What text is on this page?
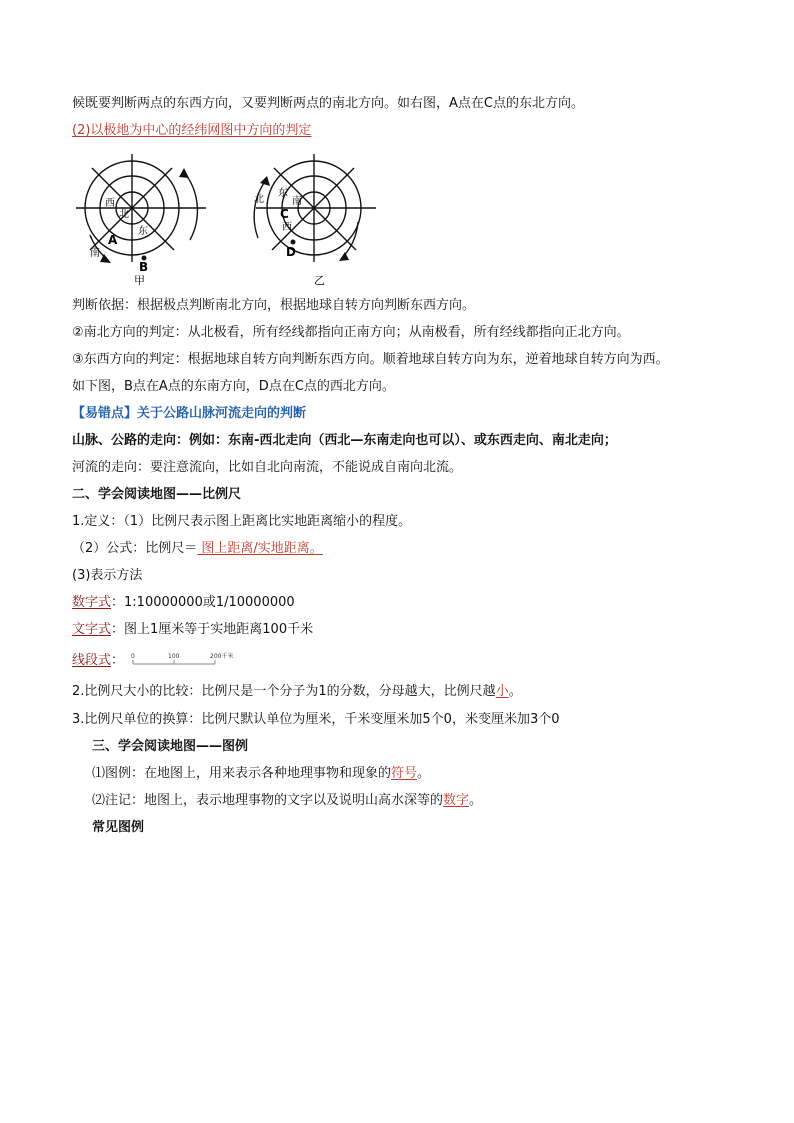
候既要判断两点的东西方向，又要判断两点的南北方向。如右图，A点在C点的东北方向。
(2)以极地为中心的经纬网图中方向的判定
西
北
东
南
A
B
甲
北
东
南
西
C
D
乙
判断依据：根据极点判断南北方向，根据地球自转方向判断东西方向。
②南北方向的判定：从北极看，所有经线都指向正南方向；从南极看，所有经线都指向正北方向。
③东西方向的判定：根据地球自转方向判断东西方向。顺着地球自转方向为东，逆着地球自转方向为西。
如下图，B点在A点的东南方向，D点在C点的西北方向。
【易错点】关于公路山脉河流走向的判断
山脉、公路的走向：例如：东南-西北走向（西北—东南走向也可以）、或东西走向、南北走向；
河流的走向：要注意流向，比如自北向南流，不能说成自南向北流。
二、学会阅读地图——比例尺
1.定义：（1）比例尺表示图上距离比实地距离缩小的程度。
（2）公式：比例尺＝ 图上距离/实地距离。
(3)表示方法
数字式：1:10000000或1/10000000
文字式：图上1厘米等于实地距离100千米
线段式： 0	100	200千米
2.比例尺大小的比较：比例尺是一个分子为1的分数，分母越大，比例尺越小。
3.比例尺单位的换算：比例尺默认单位为厘米，千米变厘米加5个0，米变厘米加3个0
三、学会阅读地图——图例
⑴图例：在地图上，用来表示各种地理事物和现象的符号。
⑵注记：地图上，表示地理事物的文字以及说明山高水深等的数字。
常见图例
